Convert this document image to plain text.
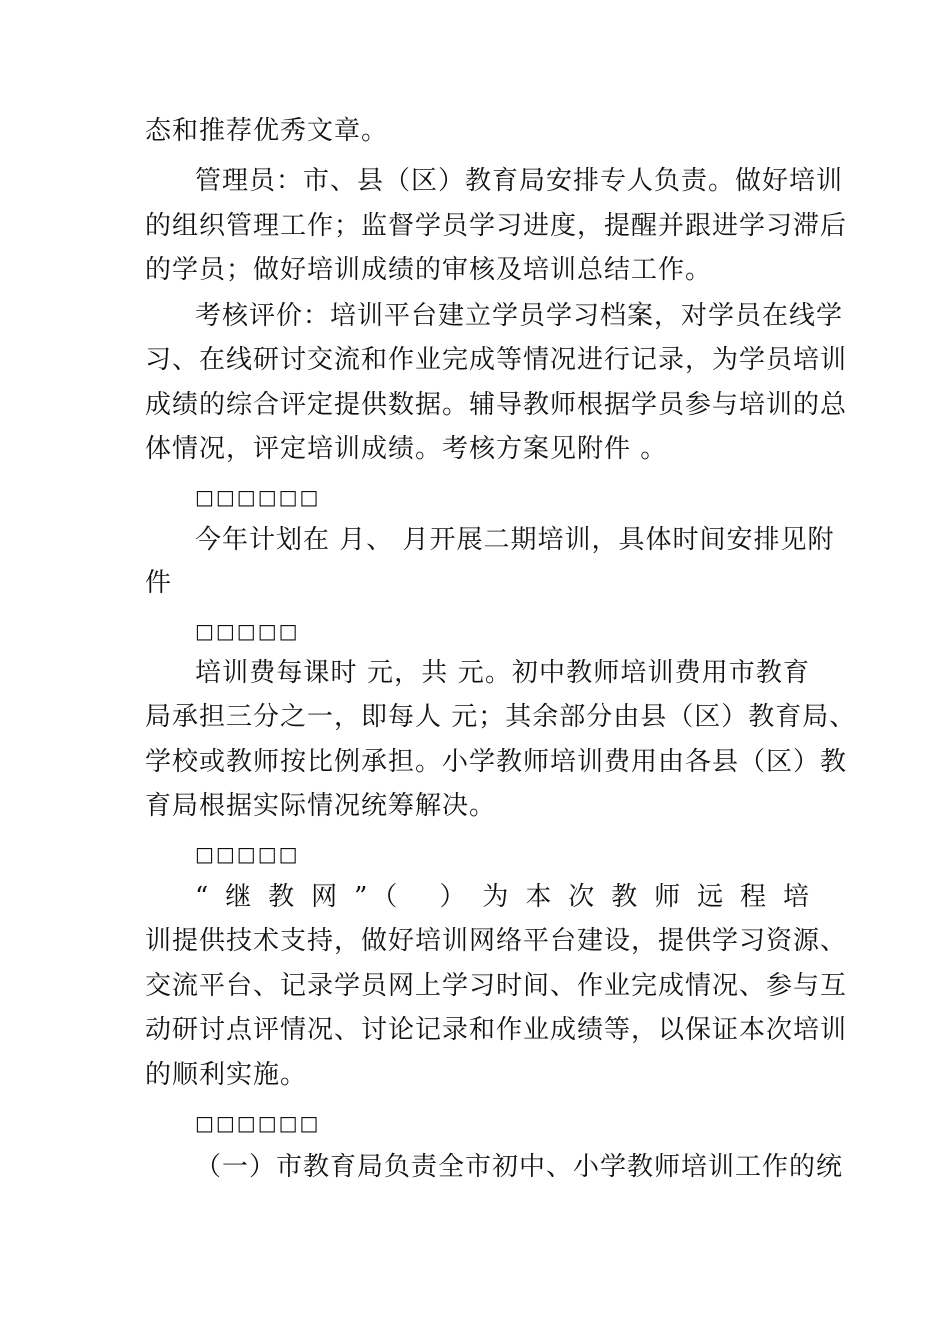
态和推荐优秀文章。
管理员：市、县（区）教育局安排专人负责。做好培训
的组织管理工作；监督学员学习进度，提醒并跟进学习滞后
的学员；做好培训成绩的审核及培训总结工作。
考核评价：培训平台建立学员学习档案，对学员在线学
习、在线研讨交流和作业完成等情况进行记录，为学员培训
成绩的综合评定提供数据。辅导教师根据学员参与培训的总
体情况，评定培训成绩。考核方案见附件 。
□□□□□□
今年计划在 月、 月开展二期培训，具体时间安排见附
件
□□□□□
培训费每课时 元，共 元。初中教师培训费用市教育
局承担三分之一，即每人 元；其余部分由县（区）教育局、
学校或教师按比例承担。小学教师培训费用由各县（区）教
育局根据实际情况统筹解决。
□□□□□
“继教网”（ ）为本次教师远程培
训提供技术支持，做好培训网络平台建设，提供学习资源、
交流平台、记录学员网上学习时间、作业完成情况、参与互
动研讨点评情况、讨论记录和作业成绩等，以保证本次培训
的顺利实施。
□□□□□□
（一）市教育局负责全市初中、小学教师培训工作的统
